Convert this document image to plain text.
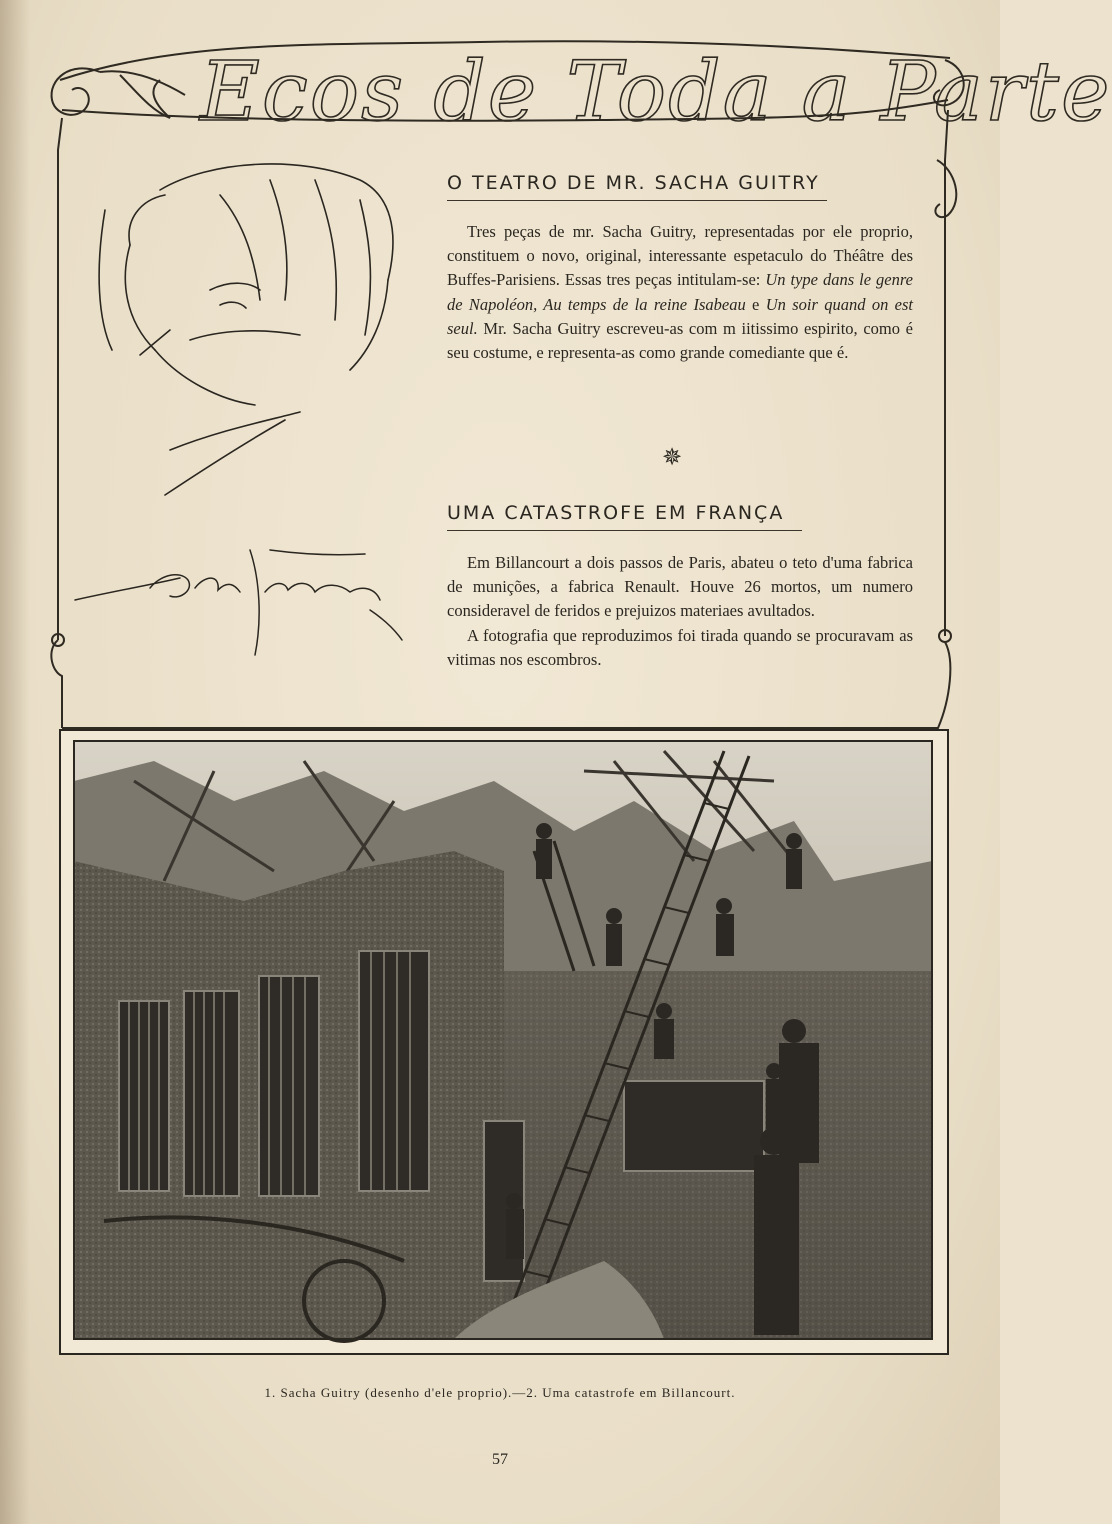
Ecos de Toda a Parte
O TEATRO DE MR. SACHA GUITRY

Tres peças de mr. Sacha Guitry, representadas por ele proprio, constituem o novo, original, interessante espetaculo do Théâtre des Buffes-Parisiens. Essas tres peças intitulam-se: Un type dans le genre de Napoléon, Au temps de la reine Isabeau e Un soir quand on est seul. Mr. Sacha Guitry escreveu-as com m iitissimo espirito, como é seu costume, e representa-as como grande comediante que é.

✵
UMA CATASTROFE EM FRANÇA

Em Billancourt a dois passos de Paris, abateu o teto d'uma fabrica de munições, a fabrica Renault. Houve 26 mortos, um numero consideravel de feridos e prejuizos materiaes avultados.

A fotografia que reproduzimos foi tirada quando se procuravam as vitimas nos escombros.

1. Sacha Guitry (desenho d'ele proprio).—2. Uma catastrofe em Billancourt.
57
